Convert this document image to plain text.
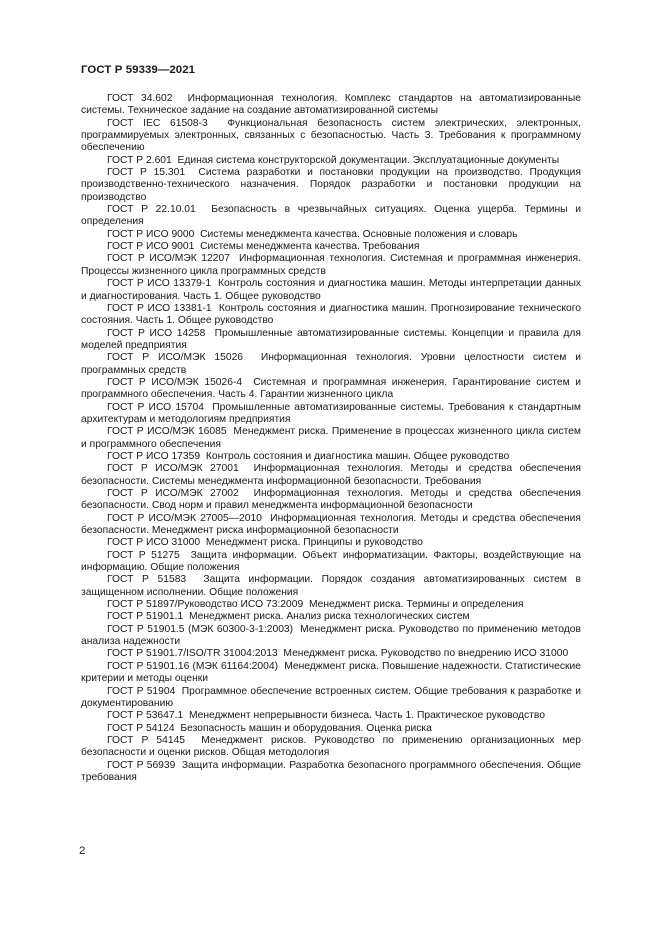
ГОСТ Р 59339—2021

ГОСТ 34.602 Информационная технология. Комплекс стандартов на автоматизированные системы. Техническое задание на создание автоматизированной системы

ГОСТ IEC 61508-3 Функциональная безопасность систем электрических, электронных, программируемых электронных, связанных с безопасностью. Часть 3. Требования к программному обеспечению

ГОСТ Р 2.601 Единая система конструкторской документации. Эксплуатационные документы

ГОСТ Р 15.301 Система разработки и постановки продукции на производство. Продукция производственно-технического назначения. Порядок разработки и постановки продукции на производство

ГОСТ Р 22.10.01 Безопасность в чрезвычайных ситуациях. Оценка ущерба. Термины и определения

ГОСТ Р ИСО 9000 Системы менеджмента качества. Основные положения и словарь

ГОСТ Р ИСО 9001 Системы менеджмента качества. Требования

ГОСТ Р ИСО/МЭК 12207 Информационная технология. Системная и программная инженерия. Процессы жизненного цикла программных средств

ГОСТ Р ИСО 13379-1 Контроль состояния и диагностика машин. Методы интерпретации данных и диагностирования. Часть 1. Общее руководство

ГОСТ Р ИСО 13381-1 Контроль состояния и диагностика машин. Прогнозирование технического состояния. Часть 1. Общее руководство

ГОСТ Р ИСО 14258 Промышленные автоматизированные системы. Концепции и правила для моделей предприятия

ГОСТ Р ИСО/МЭК 15026 Информационная технология. Уровни целостности систем и программных средств

ГОСТ Р ИСО/МЭК 15026-4 Системная и программная инженерия. Гарантирование систем и программного обеспечения. Часть 4. Гарантии жизненного цикла

ГОСТ Р ИСО 15704 Промышленные автоматизированные системы. Требования к стандартным архитектурам и методологиям предприятия

ГОСТ Р ИСО/МЭК 16085 Менеджмент риска. Применение в процессах жизненного цикла систем и программного обеспечения

ГОСТ Р ИСО 17359 Контроль состояния и диагностика машин. Общее руководство

ГОСТ Р ИСО/МЭК 27001 Информационная технология. Методы и средства обеспечения безопасности. Системы менеджмента информационной безопасности. Требования

ГОСТ Р ИСО/МЭК 27002 Информационная технология. Методы и средства обеспечения безопасности. Свод норм и правил менеджмента информационной безопасности

ГОСТ Р ИСО/МЭК 27005—2010 Информационная технология. Методы и средства обеспечения безопасности. Менеджмент риска информационной безопасности

ГОСТ Р ИСО 31000 Менеджмент риска. Принципы и руководство

ГОСТ Р 51275 Защита информации. Объект информатизации. Факторы, воздействующие на информацию. Общие положения

ГОСТ Р 51583 Защита информации. Порядок создания автоматизированных систем в защищенном исполнении. Общие положения

ГОСТ Р 51897/Руководство ИСО 73:2009 Менеджмент риска. Термины и определения

ГОСТ Р 51901.1 Менеджмент риска. Анализ риска технологических систем

ГОСТ Р 51901.5 (МЭК 60300-3-1:2003) Менеджмент риска. Руководство по применению методов анализа надежности

ГОСТ Р 51901.7/ISO/TR 31004:2013 Менеджмент риска. Руководство по внедрению ИСО 31000

ГОСТ Р 51901.16 (МЭК 61164:2004) Менеджмент риска. Повышение надежности. Статистические критерии и методы оценки

ГОСТ Р 51904 Программное обеспечение встроенных систем. Общие требования к разработке и документированию

ГОСТ Р 53647.1 Менеджмент непрерывности бизнеса. Часть 1. Практическое руководство

ГОСТ Р 54124 Безопасность машин и оборудования. Оценка риска

ГОСТ Р 54145 Менеджмент рисков. Руководство по применению организационных мер безопасности и оценки рисков. Общая методология

ГОСТ Р 56939 Защита информации. Разработка безопасного программного обеспечения. Общие требования

2
